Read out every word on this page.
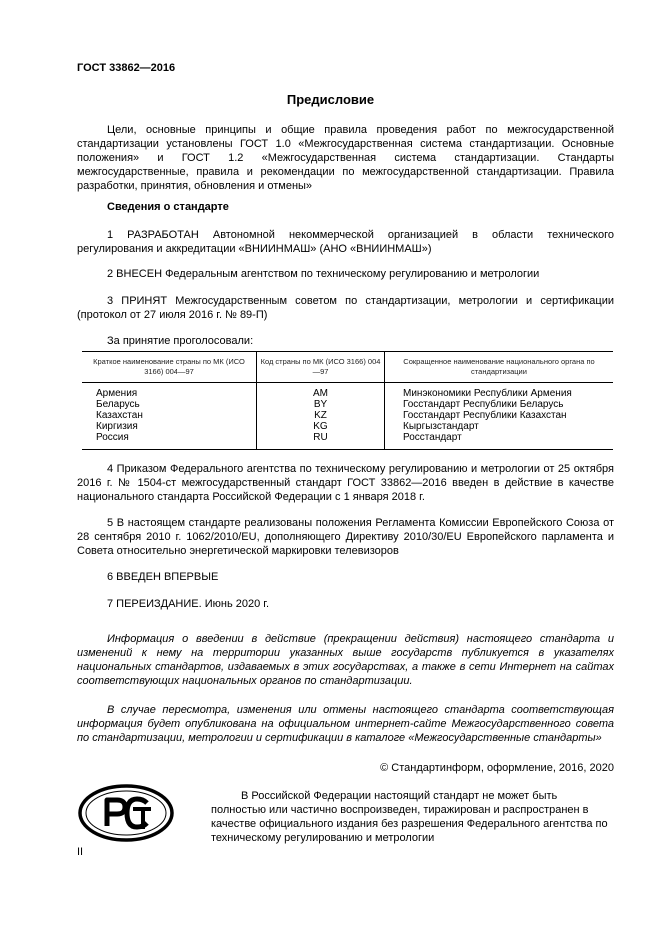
ГОСТ 33862—2016
Предисловие
Цели, основные принципы и общие правила проведения работ по межгосударственной стандартизации установлены ГОСТ 1.0 «Межгосударственная система стандартизации. Основные положения» и ГОСТ 1.2 «Межгосударственная система стандартизации. Стандарты межгосударственные, правила и рекомендации по межгосударственной стандартизации. Правила разработки, принятия, обновления и отмены»
Сведения о стандарте
1 РАЗРАБОТАН Автономной некоммерческой организацией в области технического регулирования и аккредитации «ВНИИНМАШ» (АНО «ВНИИНМАШ»)
2 ВНЕСЕН Федеральным агентством по техническому регулированию и метрологии
3 ПРИНЯТ Межгосударственным советом по стандартизации, метрологии и сертификации (протокол от 27 июля 2016 г. № 89-П)
За принятие проголосовали:
Краткое наименование страны по МК (ИСО 3166) 004—97	Код страны по МК (ИСО 3166) 004—97	Сокращенное наименование национального органа по стандартизации
Армения	AM	Минэкономики Республики Армения
Беларусь	BY	Госстандарт Республики Беларусь
Казахстан	KZ	Госстандарт Республики Казахстан
Киргизия	KG	Кыргызстандарт
Россия	RU	Росстандарт
4 Приказом Федерального агентства по техническому регулированию и метрологии от 25 октября 2016 г. № 1504-ст межгосударственный стандарт ГОСТ 33862—2016 введен в действие в качестве национального стандарта Российской Федерации с 1 января 2018 г.
5 В настоящем стандарте реализованы положения Регламента Комиссии Европейского Союза от 28 сентября 2010 г. 1062/2010/EU, дополняющего Директиву 2010/30/EU Европейского парламента и Совета относительно энергетической маркировки телевизоров
6 ВВЕДЕН ВПЕРВЫЕ
7 ПЕРЕИЗДАНИЕ. Июнь 2020 г.
Информация о введении в действие (прекращении действия) настоящего стандарта и изменений к нему на территории указанных выше государств публикуется в указателях национальных стандартов, издаваемых в этих государствах, а также в сети Интернет на сайтах соответствующих национальных органов по стандартизации.
В случае пересмотра, изменения или отмены настоящего стандарта соответствующая информация будет опубликована на официальном интернет-сайте Межгосударственного совета по стандартизации, метрологии и сертификации в каталоге «Межгосударственные стандарты»
© Стандартинформ, оформление, 2016, 2020
В Российской Федерации настоящий стандарт не может быть полностью или частично воспроизведен, тиражирован и распространен в качестве официального издания без разрешения Федерального агентства по техническому регулированию и метрологии
II
